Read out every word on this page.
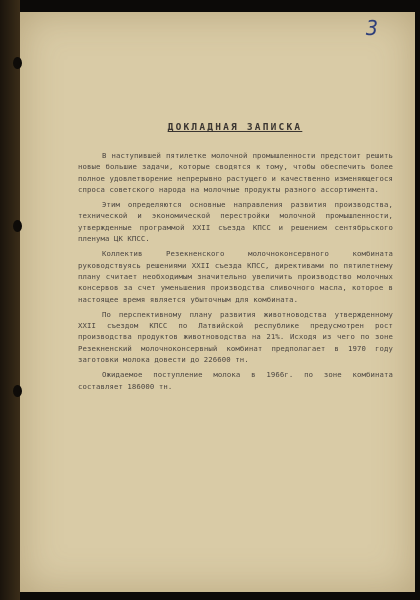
3
ДОКЛАДНАЯ ЗАПИСКА

В наступившей пятилетке молочной промышленности предстоит решить новые большие задачи, которые сводятся к тому, чтобы обеспечить более полное удовлетворение непрерывно растущего и качественно изменяющегося спроса советского народа на молочные продукты разного ассортимента.

Этим определяются основные направления развития производства, технической и экономической перестройки молочной промышленности, утвержденные программой XXII съезда КПСС и решением сентябрьского пленума ЦК КПСС.

Коллектив Резекненского молочноконсервного комбината руководствуясь решениями XXII съезда КПСС, директивами по пятилетнему плану считает необходимым значительно увеличить производство молочных консервов за счет уменьшения производства сливочного масла, которое в настоящее время является убыточным для комбината.

По перспективному плану развития животноводства утвержденному XXII съездом КПСС по Латвийской республике предусмотрен рост производства продуктов животноводства на 21%. Исходя из чего по зоне Резекненский молочноконсервный комбинат предполагает в 1970 году заготовки молока довести до 226600 тн.

Ожидаемое поступление молока в 1966г. по зоне комбината составляет 186000 тн.
